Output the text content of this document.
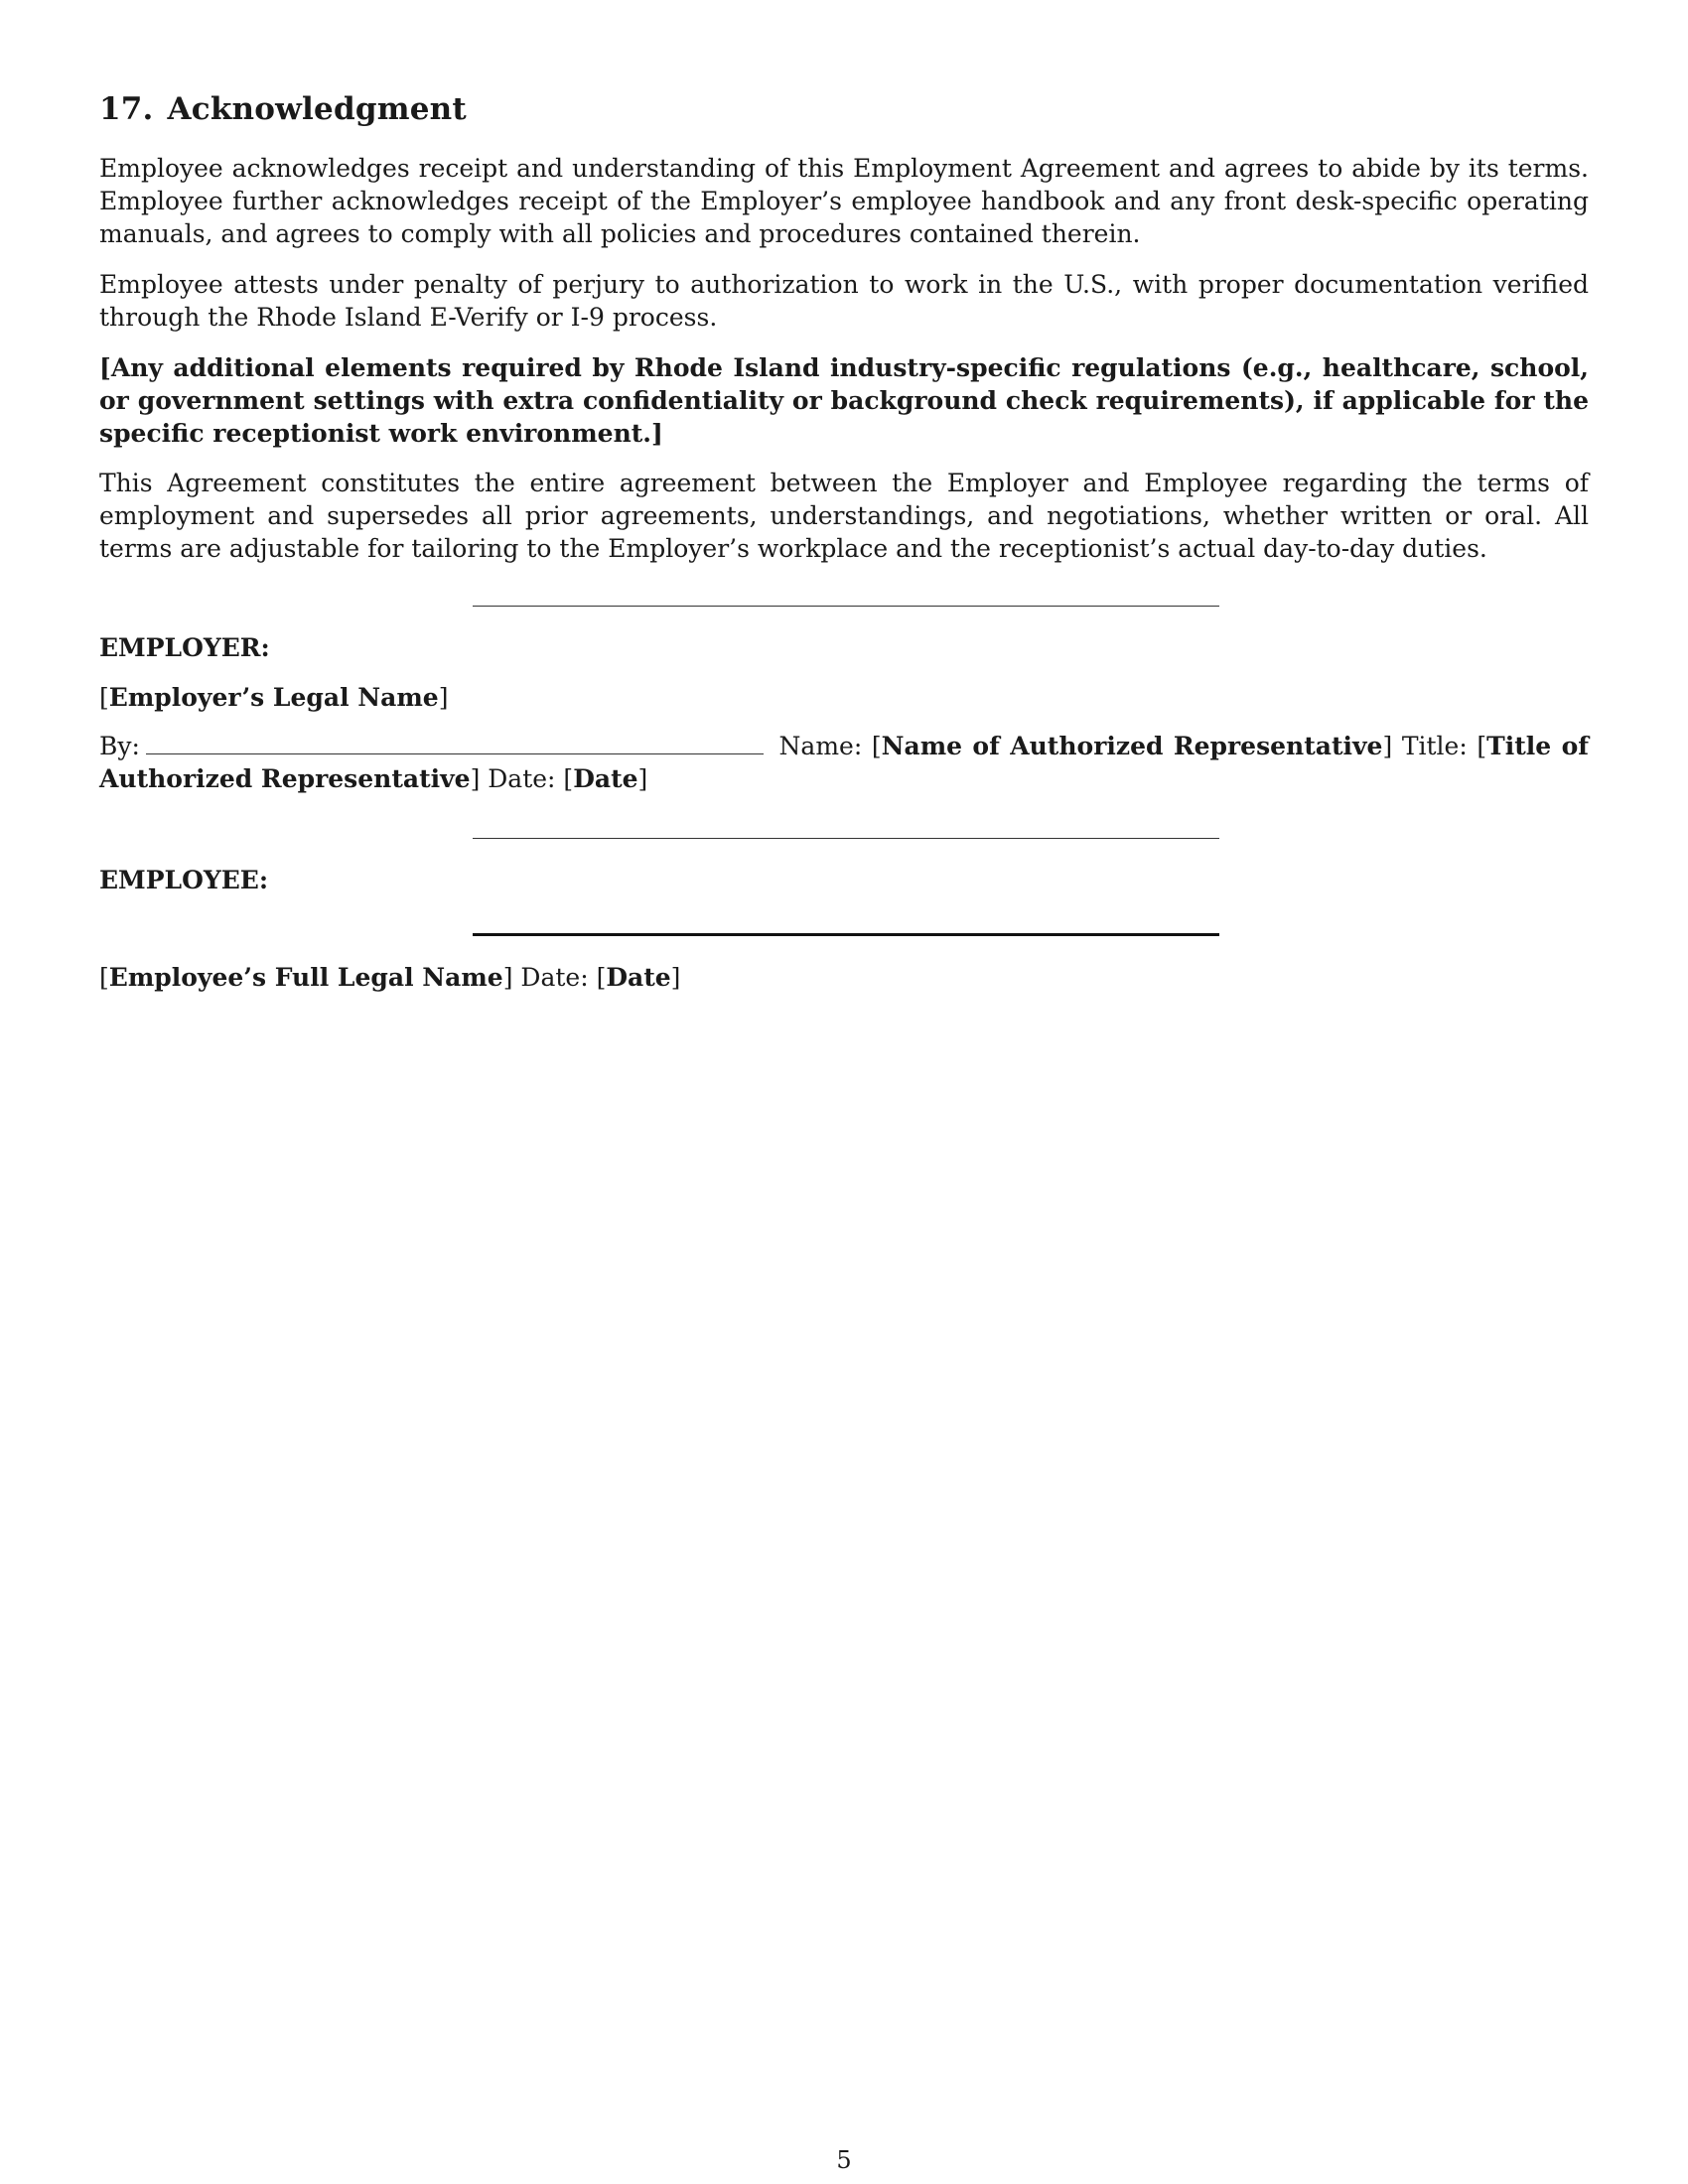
17. Acknowledgment

Employee acknowledges receipt and understanding of this Employment Agreement and agrees to abide by its terms. Employee further acknowledges receipt of the Employer’s employee handbook and any front desk-specific operating manuals, and agrees to comply with all policies and procedures contained therein.

Employee attests under penalty of perjury to authorization to work in the U.S., with proper documentation verified through the Rhode Island E-Verify or I-9 process.

[Any additional elements required by Rhode Island industry-specific regulations (e.g., healthcare, school, or government settings with extra confidentiality or background check requirements), if applicable for the specific receptionist work environment.]

This Agreement constitutes the entire agreement between the Employer and Employee regarding the terms of employment and supersedes all prior agreements, understandings, and negotiations, whether written or oral. All terms are adjustable for tailoring to the Employer’s workplace and the receptionist’s actual day-to-day duties.

EMPLOYER:

[Employer’s Legal Name]

By:	Name: [Name of Authorized Representative] Title: [Title of Authorized Representative] Date: [Date]

EMPLOYEE:

[Employee’s Full Legal Name] Date: [Date]

5
